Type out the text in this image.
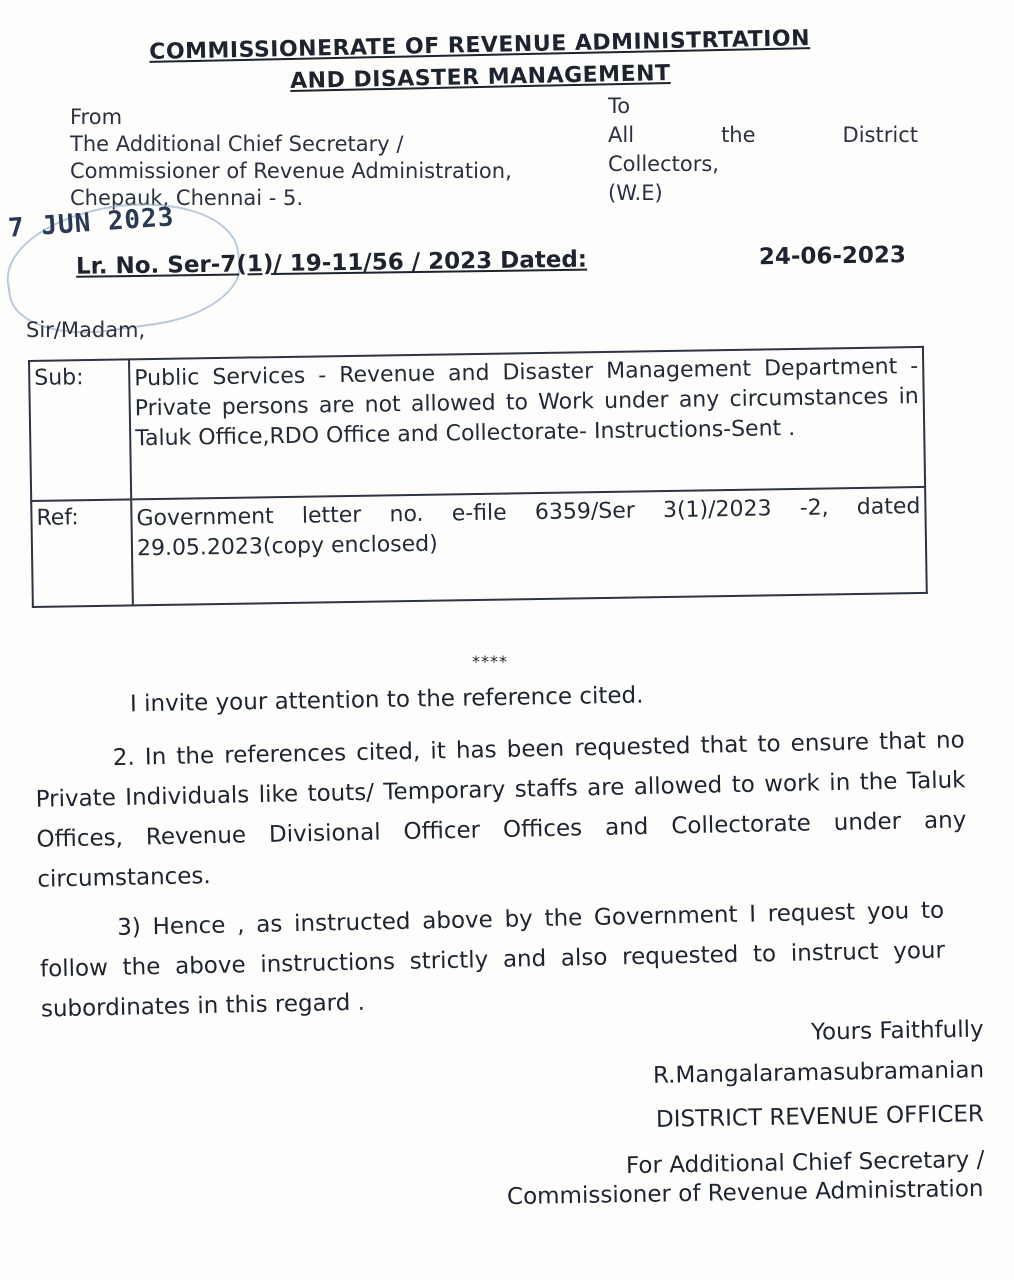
COMMISSIONERATE OF REVENUE ADMINISTRTATION
AND DISASTER MANAGEMENT
From
The Additional Chief Secretary /
Commissioner of Revenue Administration,
Chepauk, Chennai - 5.
To
All	the	District
Collectors,
(W.E)
7 JUN 2023
Lr. No. Ser-7(1)/ 19-11/56 / 2023 Dated:	24-06-2023
Sir/Madam,
Sub:	Public Services - Revenue and Disaster Management Department - Private persons are not allowed to Work under any circumstances in Taluk Office,RDO Office and Collectorate- Instructions-Sent .
Ref:	Government letter no. e-file 6359/Ser 3(1)/2023 -2, dated 29.05.2023(copy enclosed)
****
I invite your attention to the reference cited.
2. In the references cited, it has been requested that to ensure that no Private Individuals like touts/ Temporary staffs are allowed to work in the Taluk Offices, Revenue Divisional Officer Offices and Collectorate under any circumstances.
3) Hence , as instructed above by the Government I request you to follow the above instructions strictly and also requested to instruct your subordinates in this regard .
Yours Faithfully
R.Mangalaramasubramanian
DISTRICT REVENUE OFFICER
For Additional Chief Secretary /
Commissioner of Revenue Administration
